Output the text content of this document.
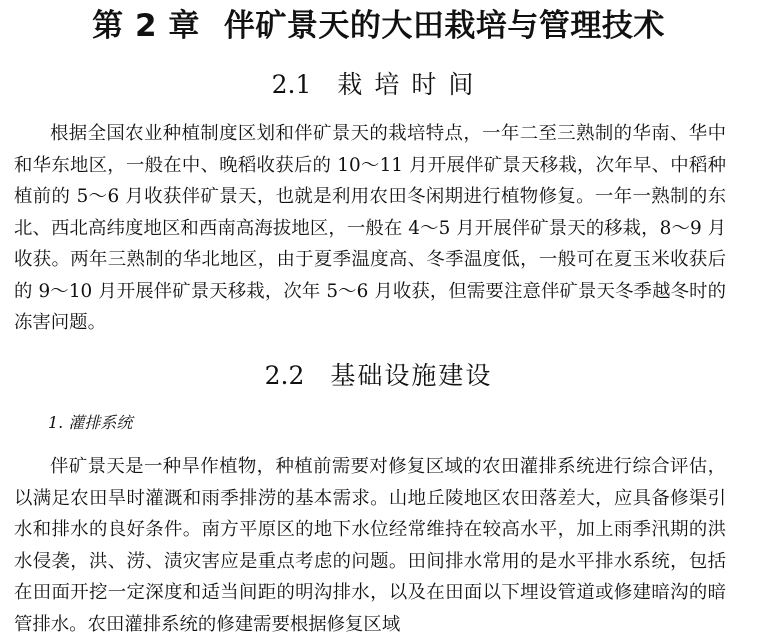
第 2 章 伴矿景天的大田栽培与管理技术
2.1 栽培时间

根据全国农业种植制度区划和伴矿景天的栽培特点，一年二至三熟制的华南、华中和华东地区，一般在中、晚稻收获后的 10～11 月开展伴矿景天移栽，次年早、中稻种植前的 5～6 月收获伴矿景天，也就是利用农田冬闲期进行植物修复。一年一熟制的东北、西北高纬度地区和西南高海拔地区，一般在 4～5 月开展伴矿景天的移栽，8～9 月收获。两年三熟制的华北地区，由于夏季温度高、冬季温度低，一般可在夏玉米收获后的 9～10 月开展伴矿景天移栽，次年 5～6 月收获，但需要注意伴矿景天冬季越冬时的冻害问题。

2.2 基础设施建设
1. 灌排系统

伴矿景天是一种旱作植物，种植前需要对修复区域的农田灌排系统进行综合评估，以满足农田旱时灌溉和雨季排涝的基本需求。山地丘陵地区农田落差大，应具备修渠引水和排水的良好条件。南方平原区的地下水位经常维持在较高水平，加上雨季汛期的洪水侵袭，洪、涝、渍灾害应是重点考虑的问题。田间排水常用的是水平排水系统，包括在田面开挖一定深度和适当间距的明沟排水，以及在田面以下埋设管道或修建暗沟的暗管排水。农田灌排系统的修建需要根据修复区域
